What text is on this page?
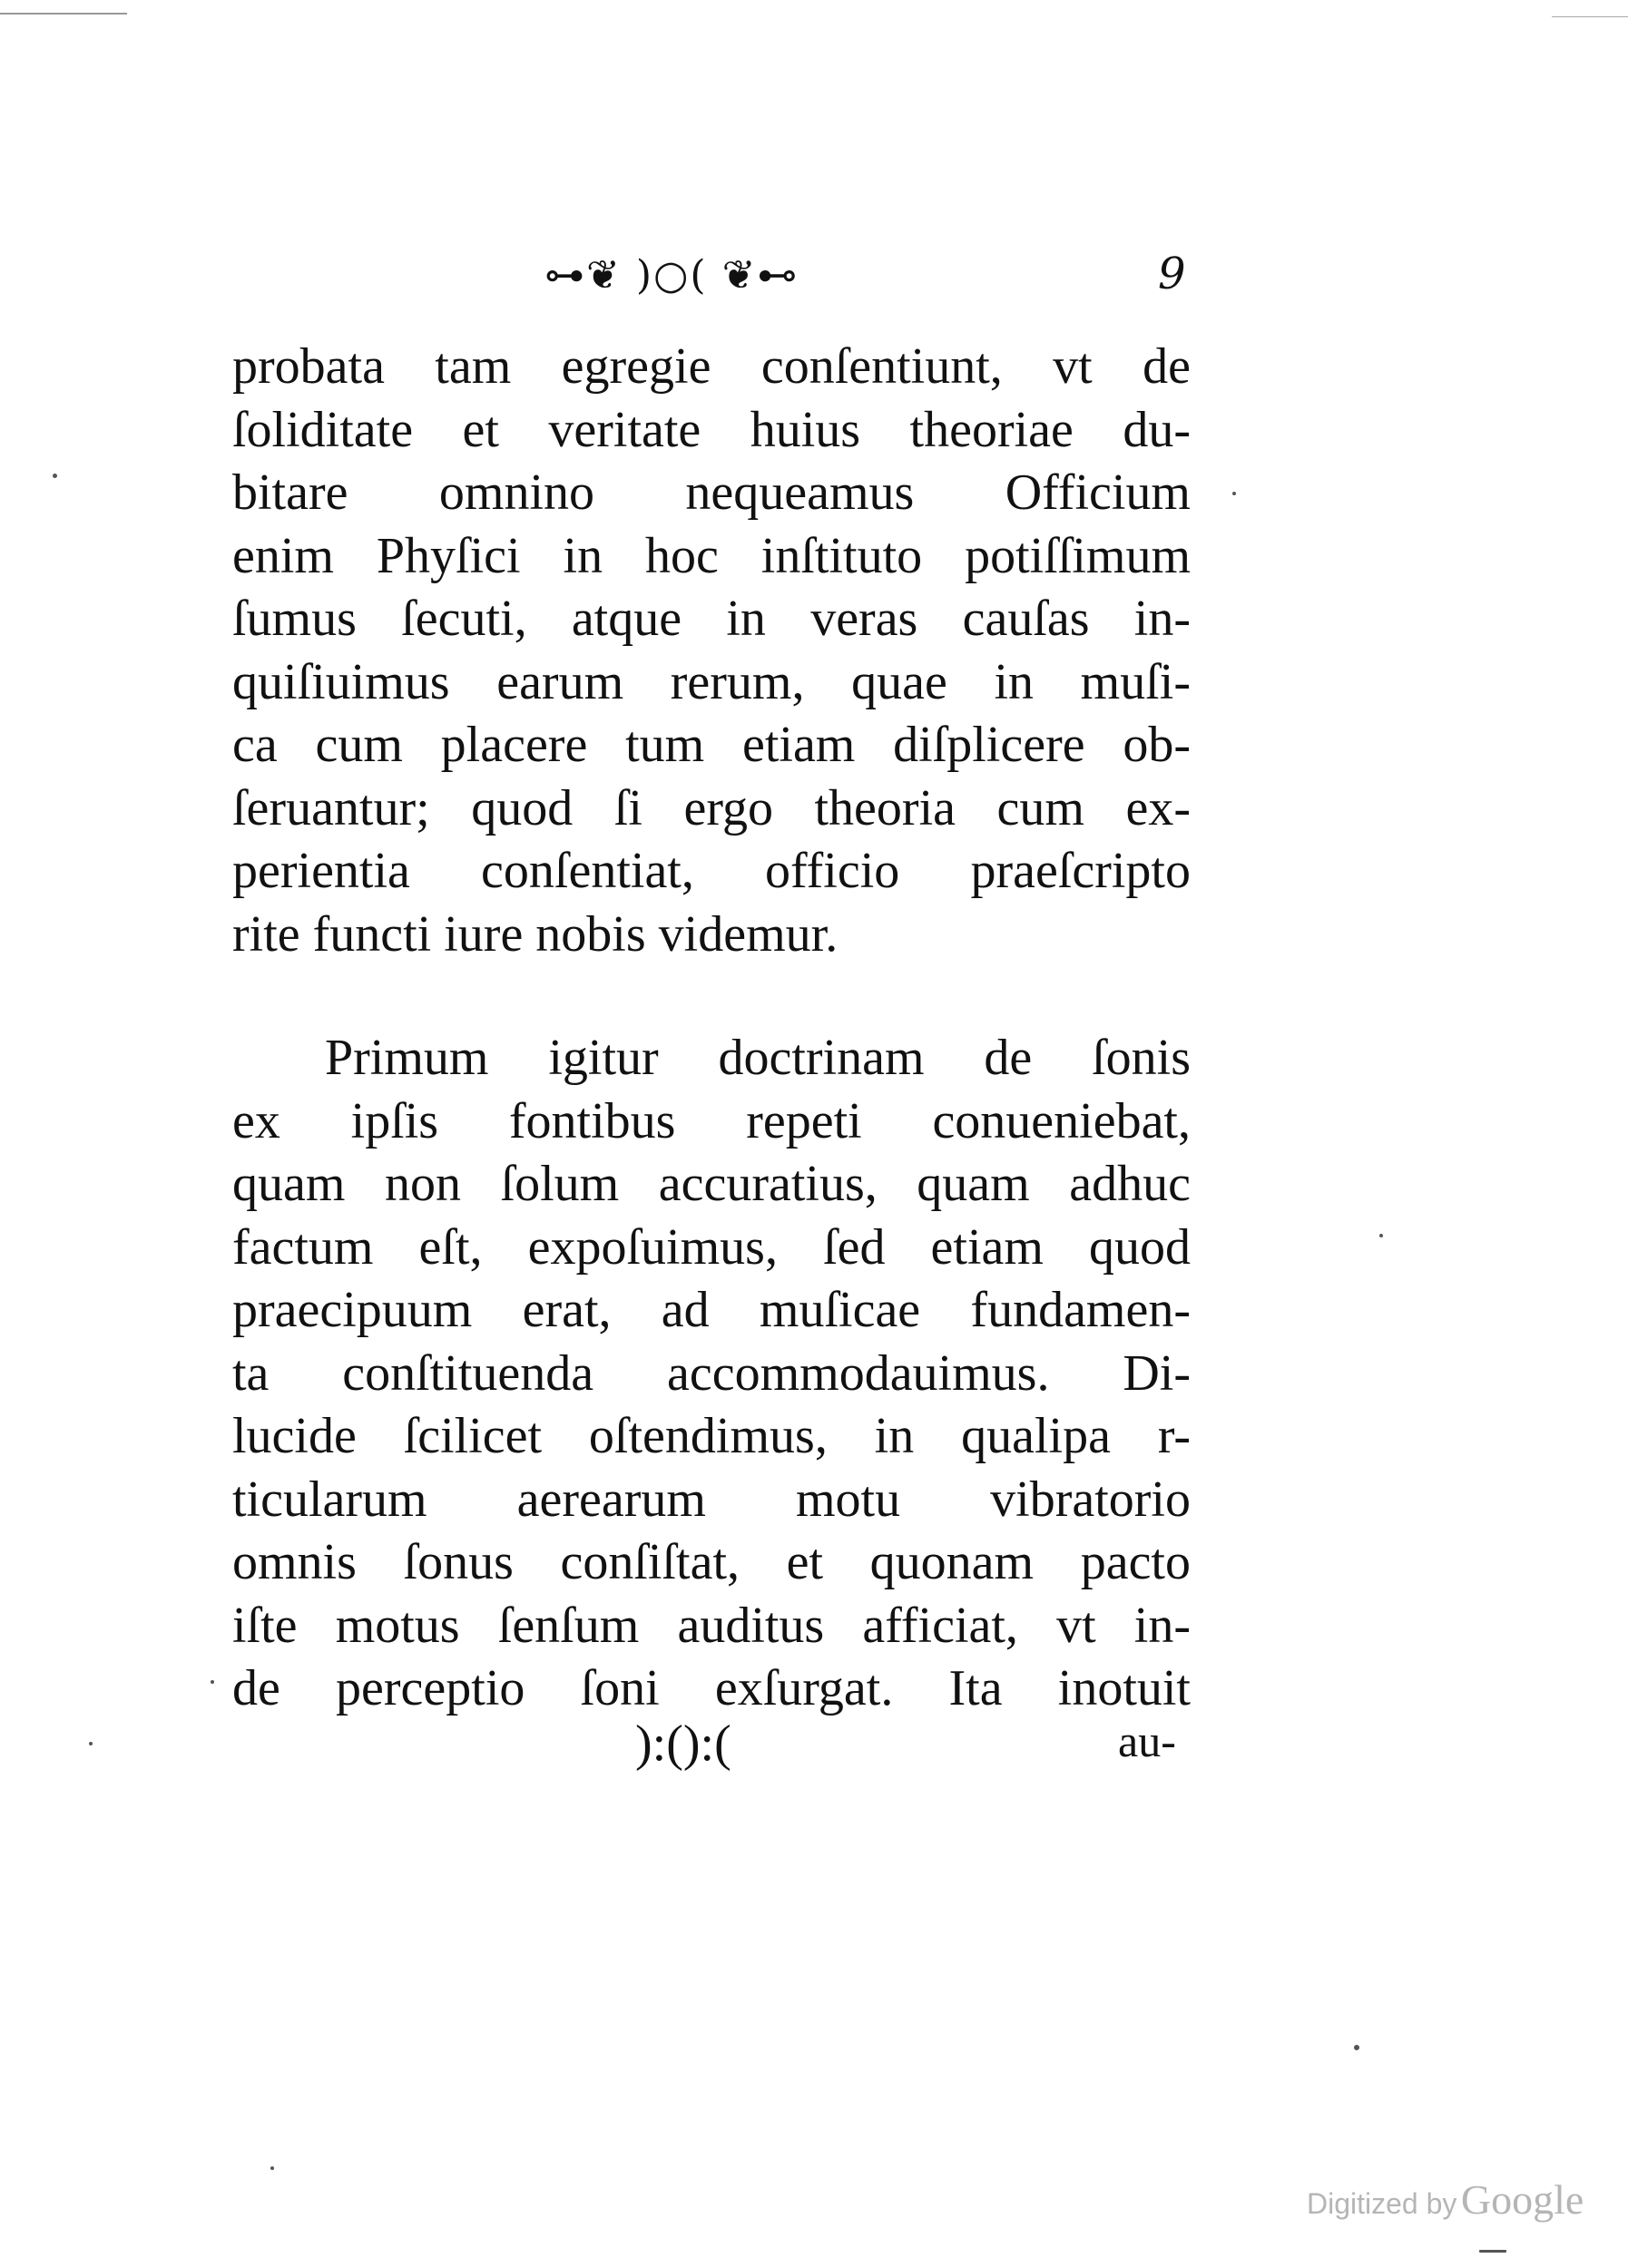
⊶❦ )○( ❦⊷	9
probata tam egregie conſentiunt, vt de
ſoliditate et veritate huius theoriae du-
bitare omnino nequeamus Officium
enim Phyſici in hoc inſtituto potiſſimum
ſumus ſecuti, atque in veras cauſas in-
quiſiuimus earum rerum, quae in muſi-
ca cum placere tum etiam diſplicere ob-
ſeruantur; quod ſi ergo theoria cum ex-
perientia conſentiat, officio praeſcripto
rite functi iure nobis videmur.
Primum igitur doctrinam de ſonis
ex ipſis fontibus repeti conueniebat,
quam non ſolum accuratius, quam adhuc
factum eſt, expoſuimus, ſed etiam quod
praecipuum erat, ad muſicae fundamen-
ta conſtituenda accommodauimus. Di-
lucide ſcilicet oſtendimus, in qualipa r-
ticularum aerearum motu vibratorio
omnis ſonus conſiſtat, et quonam pacto
iſte motus ſenſum auditus afficiat, vt in-
de perceptio ſoni exſurgat. Ita inotuit
):():(	au-
Digitized by Google
